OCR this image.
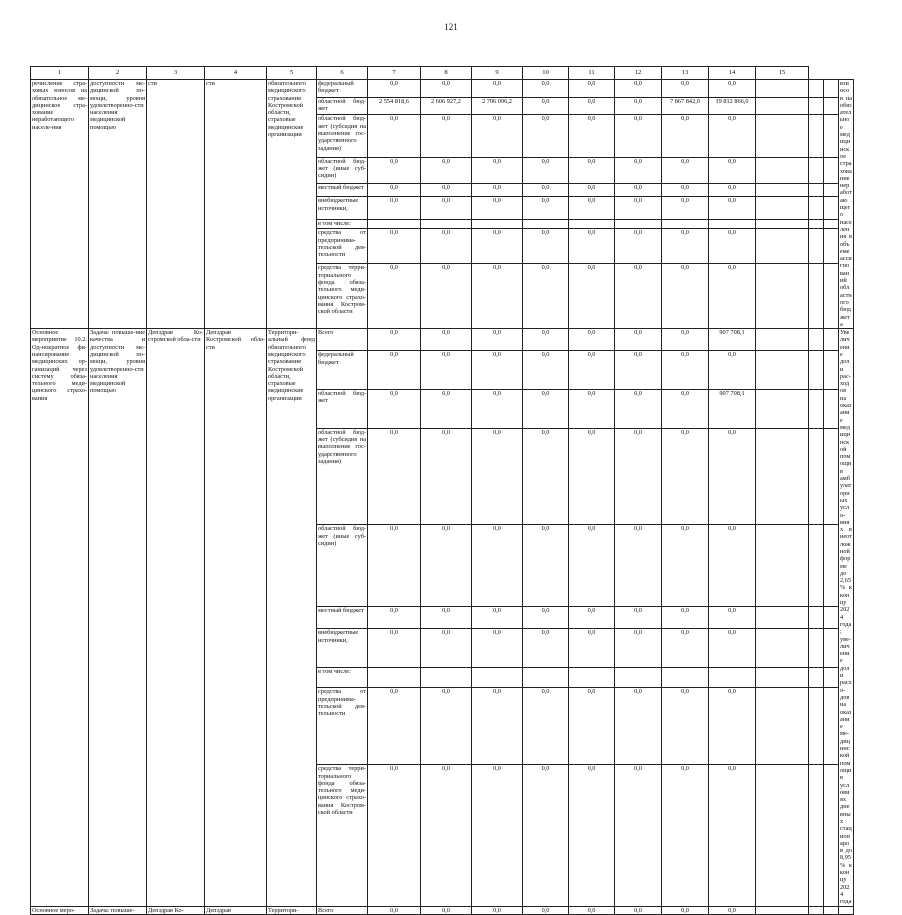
121
1	2	3	4	5	6	7	8	9	10	11	12	13	14	15			
речисление стра-ховых взносов на обязательное ме-дицинское стра-хование неработающего населе-ния	доступности ме-дицинской по-мощи, уровня удовлетворенно-сти населения медицинской помощью	сти	сти	обязательного медицинского страхования Костромской области, страховые медицинские организации	федеральный бюджет	0,0	0,0	0,0	0,0	0,0	0,0	0,0	0,0				взносов на обязательное медицинское страхование неработающего населения в объеме ассигнований областного бюджета
					областной бюд-жет	2 554 818,6	2 606 927,2	2 706 096,2	0,0	0,0	0,0	7 867 842,0	19 812 866,0				
					областной бюд-жет (субсидия на выполнение гос-ударственного задания)	0,0	0,0	0,0	0,0	0,0	0,0	0,0	0,0				
					областной бюд-жет (иные суб-сидии)	0,0	0,0	0,0	0,0	0,0	0,0	0,0	0,0				
					местный бюджет	0,0	0,0	0,0	0,0	0,0	0,0	0,0	0,0				
					внебюджетные источники,	0,0	0,0	0,0	0,0	0,0	0,0	0,0	0,0				
					в том числе:												
					средства от предпринима-тельской дея-тельности	0,0	0,0	0,0	0,0	0,0	0,0	0,0	0,0				
					средства терри-ториального фонда обяза-тельного меди-цинского страхо-вания Костром-ской области	0,0	0,0	0,0	0,0	0,0	0,0	0,0	0,0				
Основное мероприятие 10.2. Од-нократное фи-нансирование медицинских ор-ганизаций через систему обяза-тельного меди-цинского страхо-вания	Задача: повыше-ние качества и доступности ме-дицинской по-мощи, уровня удовлетворенно-сти населения медицинской помощью	Депздрав Ко-стромской обла-сти	Депздрав Костромской обла-сти	Территори-альный фонд обязательного медицинского страхования Костромской области, страховые медицинские организации	Всего	0,0	0,0	0,0	0,0	0,0	0,0	0,0	907 708,1				Увеличение доли рас-ходов на оказание медицинской помощи в амбулаторных усло-виях в неотложной форме до 2,65% к концу 2024 года; уве-личение доли расхо-дов на оказание ме-дицинской помощи в условиях дневных стационаров до 8,95% к концу 2024 года
					федеральный бюджет	0,0	0,0	0,0	0,0	0,0	0,0	0,0	0,0				
					областной бюд-жет	0,0	0,0	0,0	0,0	0,0	0,0	0,0	907 708,1				
					областной бюд-жет (субсидия на выполнение гос-ударственного задания)	0,0	0,0	0,0	0,0	0,0	0,0	0,0	0,0				
					областной бюд-жет (иные суб-сидии)	0,0	0,0	0,0	0,0	0,0	0,0	0,0	0,0				
					местный бюджет	0,0	0,0	0,0	0,0	0,0	0,0	0,0	0,0				
					внебюджетные источники,	0,0	0,0	0,0	0,0	0,0	0,0	0,0	0,0				
					в том числе:												
					средства от предпринима-тельской дея-тельности	0,0	0,0	0,0	0,0	0,0	0,0	0,0	0,0				
					средства терри-ториального фонда обяза-тельного меди-цинского страхо-вания Костром-ской области	0,0	0,0	0,0	0,0	0,0	0,0	0,0	0,0				
Основное меро-	Задача: повыше-	Депздрав Ко-	Депздрав	Территори-	Всего	0,0	0,0	0,0	0,0	0,0	0,0	0,0	0,0				
